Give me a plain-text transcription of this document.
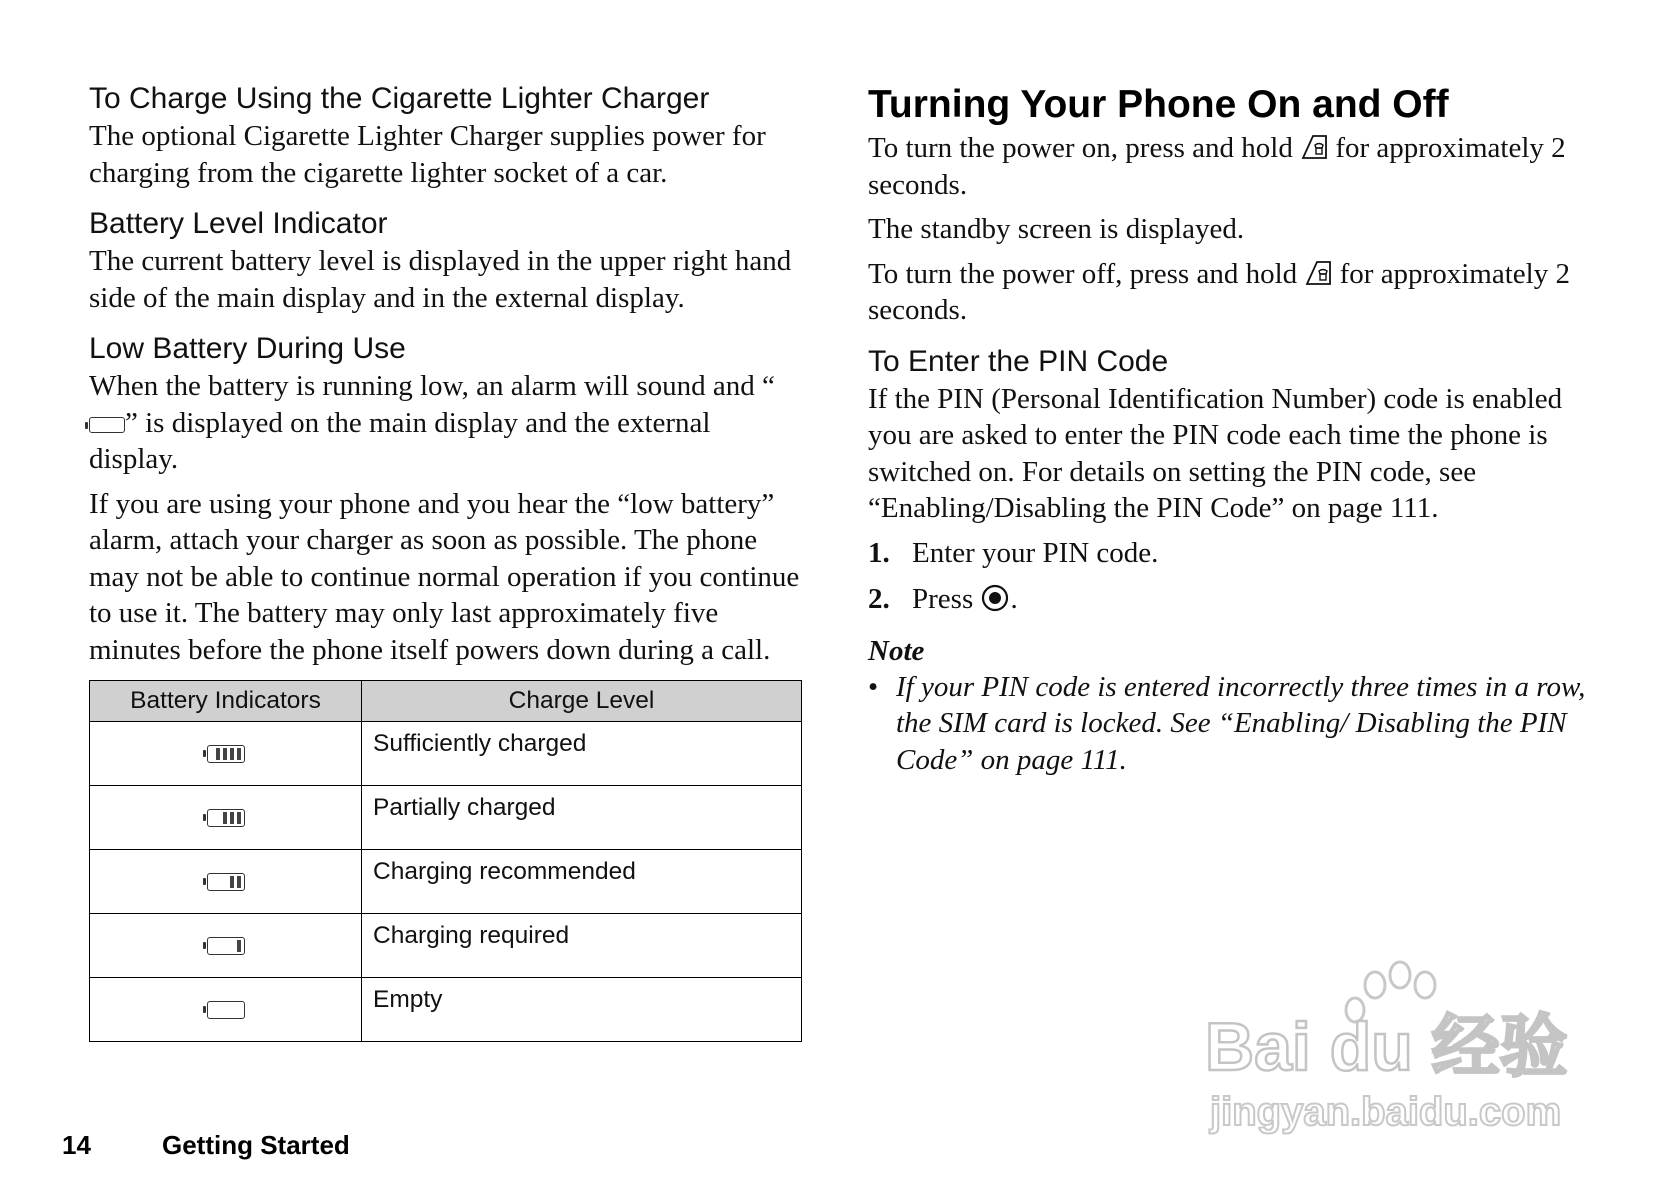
To Charge Using the Cigarette Lighter Charger

The optional Cigarette Lighter Charger supplies power for charging from the cigarette lighter socket of a car.

Battery Level Indicator

The current battery level is displayed in the upper right hand side of the main display and in the external display.

Low Battery During Use

When the battery is running low, an alarm will sound and “” is displayed on the main display and the external display.

If you are using your phone and you hear the “low battery” alarm, attach your charger as soon as possible. The phone may not be able to continue normal operation if you continue to use it. The battery may only last approximately five minutes before the phone itself powers down during a call.

Battery Indicators	Charge Level

	Sufficiently charged

	Partially charged

	Charging recommended

	Charging required
	Empty
Turning Your Phone On and Off

To turn the power on, press and hold  for approximately 2 seconds.

The standby screen is displayed.

To turn the power off, press and hold  for approximately 2 seconds.

To Enter the PIN Code

If the PIN (Personal Identification Number) code is enabled you are asked to enter the PIN code each time the phone is switched on. For details on setting the PIN code, see “Enabling/Disabling the PIN Code” on page 111.

1. Enter your PIN code.
2. Press .

Note

• If your PIN code is entered incorrectly three times in a row, the SIM card is locked. See “Enabling/ Disabling the PIN Code” on page 111.

14	Getting Started
Bai du 经验
jingyan.baidu.com
